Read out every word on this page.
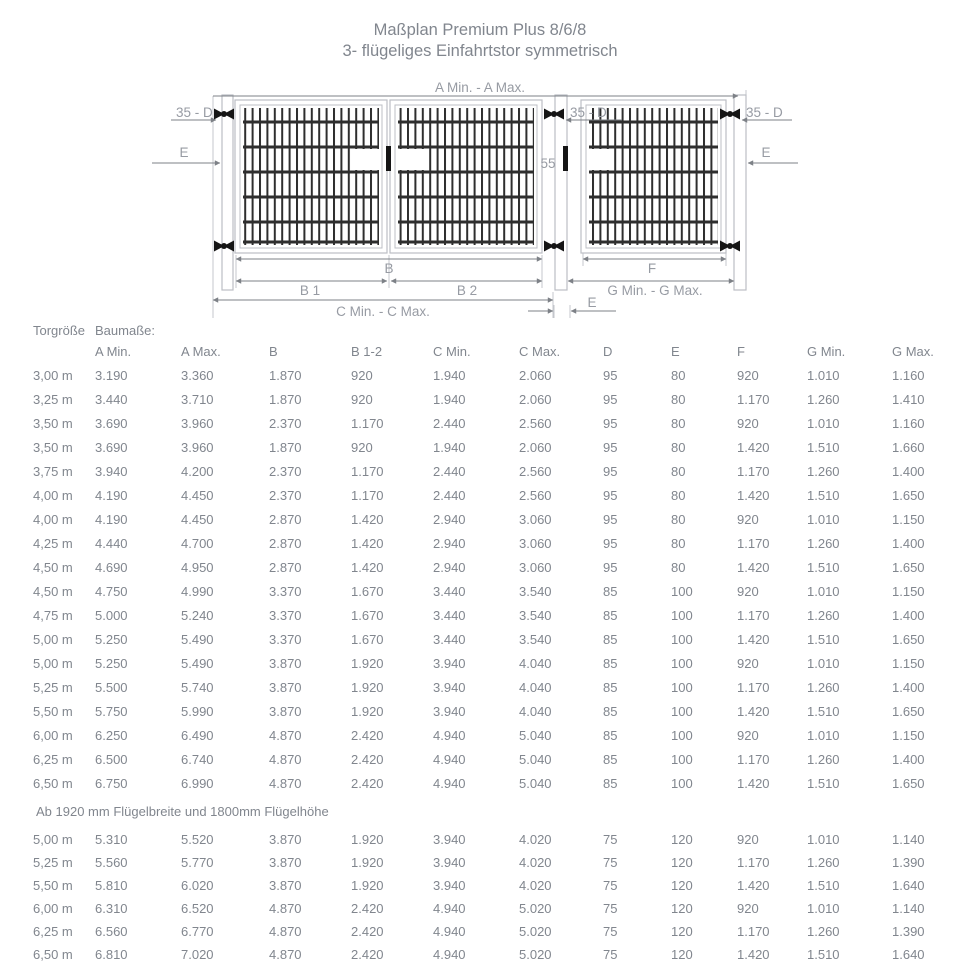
Maßplan Premium Plus 8/6/8
3- flügeliges Einfahrtstor symmetrisch
A Min. - A Max.
35 - D	35 - D	35 - D
E	E
55
B
B 1	B 2
C Min. - C Max.
F
G Min. - G Max.
E
Torgröße	Baumaße:										
	A Min.	A Max.	B	B 1-2	C Min.	C Max.	D	E	F	G Min.	G Max.
3,00 m	3.190	3.360	1.870	920	1.940	2.060	95	80	920	1.010	1.160
3,25 m	3.440	3.710	1.870	920	1.940	2.060	95	80	1.170	1.260	1.410
3,50 m	3.690	3.960	2.370	1.170	2.440	2.560	95	80	920	1.010	1.160
3,50 m	3.690	3.960	1.870	920	1.940	2.060	95	80	1.420	1.510	1.660
3,75 m	3.940	4.200	2.370	1.170	2.440	2.560	95	80	1.170	1.260	1.400
4,00 m	4.190	4.450	2.370	1.170	2.440	2.560	95	80	1.420	1.510	1.650
4,00 m	4.190	4.450	2.870	1.420	2.940	3.060	95	80	920	1.010	1.150
4,25 m	4.440	4.700	2.870	1.420	2.940	3.060	95	80	1.170	1.260	1.400
4,50 m	4.690	4.950	2.870	1.420	2.940	3.060	95	80	1.420	1.510	1.650
4,50 m	4.750	4.990	3.370	1.670	3.440	3.540	85	100	920	1.010	1.150
4,75 m	5.000	5.240	3.370	1.670	3.440	3.540	85	100	1.170	1.260	1.400
5,00 m	5.250	5.490	3.370	1.670	3.440	3.540	85	100	1.420	1.510	1.650
5,00 m	5.250	5.490	3.870	1.920	3.940	4.040	85	100	920	1.010	1.150
5,25 m	5.500	5.740	3.870	1.920	3.940	4.040	85	100	1.170	1.260	1.400
5,50 m	5.750	5.990	3.870	1.920	3.940	4.040	85	100	1.420	1.510	1.650
6,00 m	6.250	6.490	4.870	2.420	4.940	5.040	85	100	920	1.010	1.150
6,25 m	6.500	6.740	4.870	2.420	4.940	5.040	85	100	1.170	1.260	1.400
6,50 m	6.750	6.990	4.870	2.420	4.940	5.040	85	100	1.420	1.510	1.650
Ab 1920 mm Flügelbreite und 1800mm Flügelhöhe
5,00 m	5.310	5.520	3.870	1.920	3.940	4.020	75	120	920	1.010	1.140
5,25 m	5.560	5.770	3.870	1.920	3.940	4.020	75	120	1.170	1.260	1.390
5,50 m	5.810	6.020	3.870	1.920	3.940	4.020	75	120	1.420	1.510	1.640
6,00 m	6.310	6.520	4.870	2.420	4.940	5.020	75	120	920	1.010	1.140
6,25 m	6.560	6.770	4.870	2.420	4.940	5.020	75	120	1.170	1.260	1.390
6,50 m	6.810	7.020	4.870	2.420	4.940	5.020	75	120	1.420	1.510	1.640
